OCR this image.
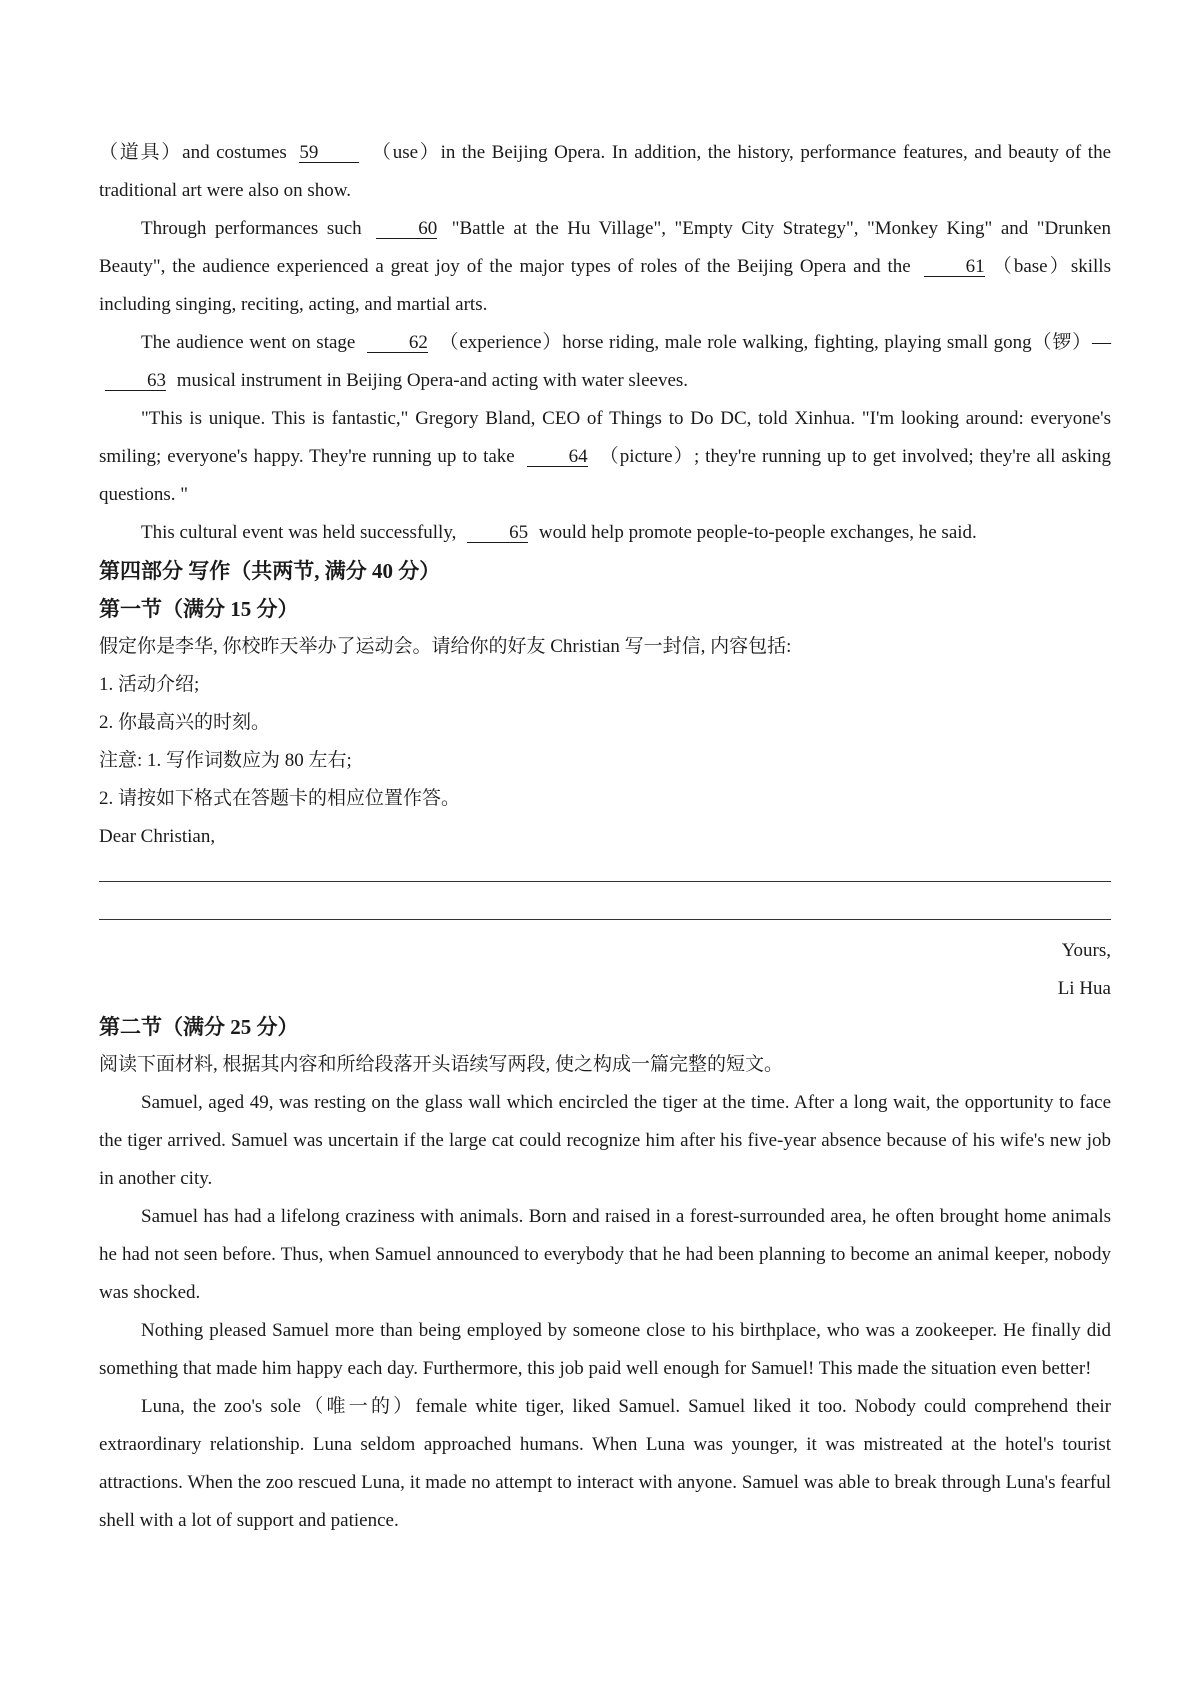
（道具）and costumes 59 （use）in the Beijing Opera. In addition, the history, performance features, and beauty of the traditional art were also on show.

Through performances such	60 "Battle at the Hu Village", "Empty City Strategy", "Monkey King" and "Drunken Beauty", the audience experienced a great joy of the major types of roles of the Beijing Opera and the	61 （base）skills including singing, reciting, acting, and martial arts.

The audience went on stage	62 （experience）horse riding, male role walking, fighting, playing small gong（锣）— 63 musical instrument in Beijing Opera-and acting with water sleeves.

"This is unique. This is fantastic," Gregory Bland, CEO of Things to Do DC, told Xinhua. "I'm looking around: everyone's smiling; everyone's happy. They're running up to take	64 （picture）; they're running up to get involved; they're all asking questions. "

This cultural event was held successfully,	65 would help promote people-to-people exchanges, he said.

第四部分 写作（共两节, 满分 40 分）

第一节（满分 15 分）

假定你是李华, 你校昨天举办了运动会。请给你的好友 Christian 写一封信, 内容包括:

1. 活动介绍;

2. 你最高兴的时刻。

注意: 1. 写作词数应为 80 左右;

2. 请按如下格式在答题卡的相应位置作答。

Dear Christian,

Yours,

Li Hua

第二节（满分 25 分）

阅读下面材料, 根据其内容和所给段落开头语续写两段, 使之构成一篇完整的短文。

Samuel, aged 49, was resting on the glass wall which encircled the tiger at the time. After a long wait, the opportunity to face the tiger arrived. Samuel was uncertain if the large cat could recognize him after his five-year absence because of his wife's new job in another city.

Samuel has had a lifelong craziness with animals. Born and raised in a forest-surrounded area, he often brought home animals he had not seen before. Thus, when Samuel announced to everybody that he had been planning to become an animal keeper, nobody was shocked.

Nothing pleased Samuel more than being employed by someone close to his birthplace, who was a zookeeper. He finally did something that made him happy each day. Furthermore, this job paid well enough for Samuel! This made the situation even better!

Luna, the zoo's sole（唯一的）female white tiger, liked Samuel. Samuel liked it too. Nobody could comprehend their extraordinary relationship. Luna seldom approached humans. When Luna was younger, it was mistreated at the hotel's tourist attractions. When the zoo rescued Luna, it made no attempt to interact with anyone. Samuel was able to break through Luna's fearful shell with a lot of support and patience.
